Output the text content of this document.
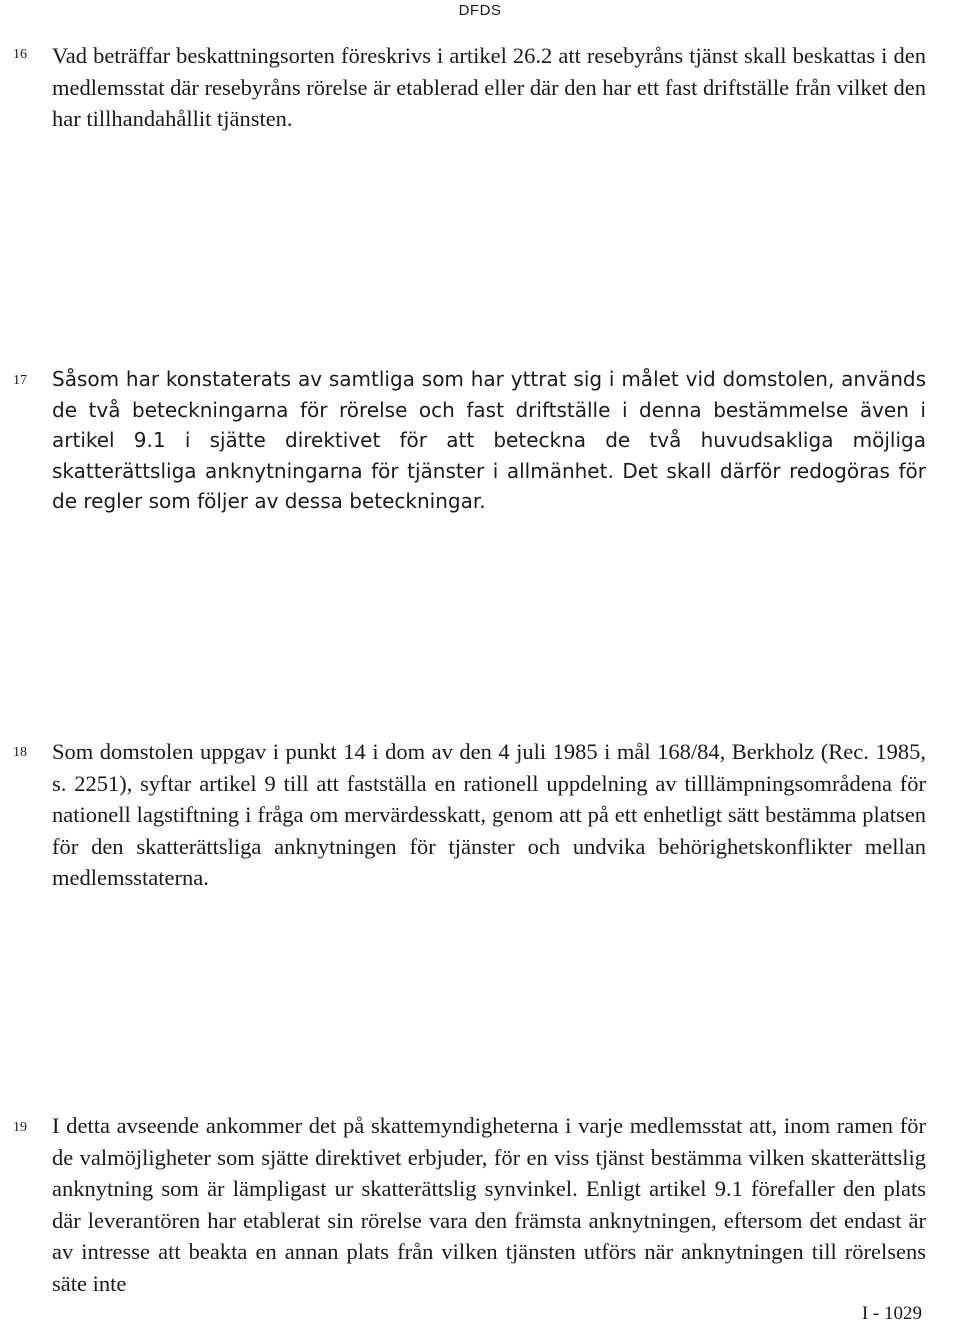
DFDS
16 Vad beträffar beskattningsorten föreskrivs i artikel 26.2 att resebyråns tjänst skall beskattas i den medlemsstat där resebyråns rörelse är etablerad eller där den har ett fast driftställe från vilket den har tillhandahållit tjänsten.

17 Såsom har konstaterats av samtliga som har yttrat sig i målet vid domstolen, används de två beteckningarna för rörelse och fast driftställe i denna bestämmelse även i artikel 9.1 i sjätte direktivet för att beteckna de två huvudsakliga möjliga skatterättsliga anknytningarna för tjänster i allmänhet. Det skall därför redogöras för de regler som följer av dessa beteckningar.

18 Som domstolen uppgav i punkt 14 i dom av den 4 juli 1985 i mål 168/84, Berkholz (Rec. 1985, s. 2251), syftar artikel 9 till att fastställa en rationell uppdelning av tilllämpningsområdena för nationell lagstiftning i fråga om mervärdesskatt, genom att på ett enhetligt sätt bestämma platsen för den skatterättsliga anknytningen för tjänster och undvika behörighetskonflikter mellan medlemsstaterna.

19 I detta avseende ankommer det på skattemyndigheterna i varje medlemsstat att, inom ramen för de valmöjligheter som sjätte direktivet erbjuder, för en viss tjänst bestämma vilken skatterättslig anknytning som är lämpligast ur skatterättslig synvinkel. Enligt artikel 9.1 förefaller den plats där leverantören har etablerat sin rörelse vara den främsta anknytningen, eftersom det endast är av intresse att beakta en annan plats från vilken tjänsten utförs när anknytningen till rörelsens säte inte

I - 1029
